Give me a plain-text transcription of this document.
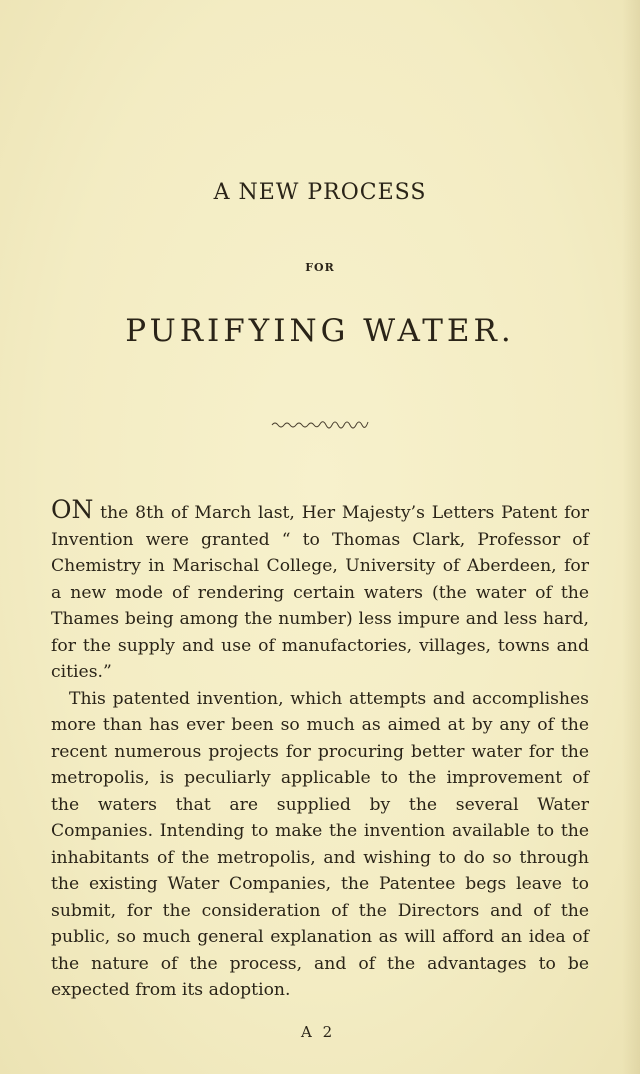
A NEW PROCESS
FOR
PURIFYING WATER.

ON the 8th of March last, Her Majesty’s Letters Patent for Invention were granted “ to Thomas Clark, Professor of Chemistry in Marischal College, University of Aberdeen, for a new mode of rendering certain waters (the water of the Thames being among the number) less impure and less hard, for the supply and use of manufactories, villages, towns and cities.”

This patented invention, which attempts and accomplishes more than has ever been so much as aimed at by any of the recent numerous projects for procuring better water for the metropolis, is peculiarly applicable to the improvement of the waters that are supplied by the several Water Companies. Intending to make the invention available to the inhabitants of the metropolis, and wishing to do so through the existing Water Companies, the Patentee begs leave to submit, for the consideration of the Directors and of the public, so much general explanation as will afford an idea of the nature of the process, and of the advantages to be expected from its adoption.

A 2
